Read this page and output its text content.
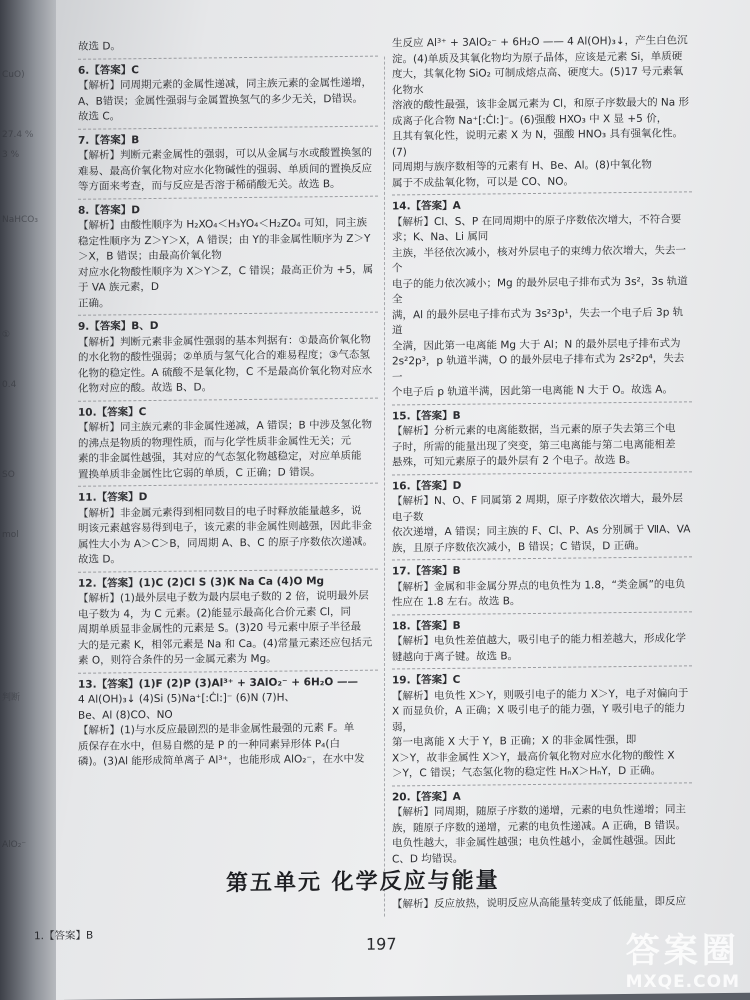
CuO)
3 %
27.4 %
NaHCO₃
①
0.4
SO
mol
判断
AlO₂⁻

故选 D。

6.【答案】C

【解析】同周期元素的金属性递减，同主族元素的金属性递增，

A、B错误；金属性强弱与金属置换氢气的多少无关，D错误。

故选 C。

7.【答案】B

【解析】判断元素金属性的强弱，可以从金属与水或酸置换氢的

难易、最高价氧化物对应水化物碱性的强弱、单质间的置换反应

等方面来考查，而与反应是否溶于稀硝酸无关。故选 B。

8.【答案】D

【解析】由酸性顺序为 H₂XO₄＜H₃YO₄＜H₂ZO₄ 可知，同主族

稳定性顺序为 Z＞Y＞X，A 错误；由 Y的非金属性顺序为 Z＞Y＞X，B 错误；由最高价氧化物

对应水化物酸性顺序为 X＞Y＞Z，C 错误；最高正价为 +5，属于 VA 族元素，D

正确。

9.【答案】B、D

【解析】判断元素非金属性强弱的基本判据有：①最高价氧化物

的水化物的酸性强弱；②单质与氢气化合的难易程度；③气态氢

化物的稳定性。A 硫酸不是氧化物，C 不是最高价氧化物对应水

化物对应的酸。故选 B、D。

10.【答案】C

【解析】同主族元素的非金属性递减，A 错误；B 中涉及氢化物

的沸点是物质的物理性质，而与化学性质非金属性无关；元

素的非金属性越强，其对应的气态氢化物越稳定，对应单质能

置换单质非金属性比它弱的单质，C 正确；D 错误。

11.【答案】D

【解析】非金属元素得到相同数目的电子时释放能量越多，说

明该元素越容易得到电子，该元素的非金属性则越强，因此非金

属性大小为 A＞C＞B，同周期 A、B、C 的原子序数依次递减。

故选 D。

12.【答案】(1)C (2)Cl S (3)K Na Ca (4)O Mg

【解析】(1)最外层电子数为最内层电子数的 2 倍，说明最外层

电子数为 4，为 C 元素。(2)能显示最高化合价元素 Cl，同

周期单质显非金属性的元素是 S。(3)20 号元素中原子半径最

大的是元素 K，相邻元素是 Na 和 Ca。(4)常量元素还应包括元

素 O，则符合条件的另一金属元素为 Mg。

13.【答案】(1)F (2)P (3)Al³⁺ + 3AlO₂⁻ + 6H₂O ——

4 Al(OH)₃↓ (4)Si (5)Na⁺[:Ċl:]⁻ (6)N (7)H、

Be、Al (8)CO、NO

【解析】(1)与水反应最剧烈的是非金属性最强的元素 F。单

质保存在水中，但易自燃的是 P 的一种同素异形体 P₄(白

磷)。(3)Al 能形成简单离子 Al³⁺，也能形成 AlO₂⁻，在水中发

生反应 Al³⁺ + 3AlO₂⁻ + 6H₂O —— 4 Al(OH)₃↓，产生白色沉

淀。(4)单质及其氧化物均为原子晶体，应该是元素 Si，单质硬

度大，其氧化物 SiO₂ 可制成熔点高、硬度大。(5)17 号元素氧化物水

溶液的酸性最强，该非金属元素为 Cl，和原子序数最大的 Na 形

成离子化合物 Na⁺[:Ċl:]⁻。(6)强酸 HXO₃ 中 X 显 +5 价，

且其有氧化性，说明元素 X 为 N，强酸 HNO₃ 具有强氧化性。(7)

同周期与族序数相等的元素有 H、Be、Al。(8)中氧化物

属于不成盐氧化物，可以是 CO、NO。

14.【答案】A

【解析】Cl、S、P 在同周期中的原子序数依次增大，不符合要求；K、Na、Li 属同

主族，半径依次减小，核对外层电子的束缚力依次增大，失去一个

电子的能力依次减小；Mg 的最外层电子排布式为 3s²，3s 轨道全

满，Al 的最外层电子排布式为 3s²3p¹，失去一个电子后 3p 轨道

全满，因此第一电离能 Mg 大于 Al；N 的最外层电子排布式为

2s²2p³，p 轨道半满，O 的最外层电子排布式为 2s²2p⁴，失去一

个电子后 p 轨道半满，因此第一电离能 N 大于 O。故选 A。

15.【答案】B

【解析】分析元素的电离能数据，当元素的原子失去第三个电

子时，所需的能量出现了突变，第三电离能与第二电离能相差

悬殊，可知元素原子的最外层有 2 个电子。故选 B。

16.【答案】D

【解析】N、O、F 同属第 2 周期，原子序数依次增大，最外层电子数

依次递增，A 错误；同主族的 F、Cl、P、As 分别属于 ⅦA、VA

族，且原子序数依次减小，B 错误；C 错误，D 正确。

17.【答案】B

【解析】金属和非金属分界点的电负性为 1.8，“类金属”的电负

性应在 1.8 左右。故选 B。

18.【答案】B

【解析】电负性差值越大，吸引电子的能力相差越大，形成化学

键越向于离子键。故选 B。

19.【答案】C

【解析】电负性 X＞Y，则吸引电子的能力 X＞Y，电子对偏向于

X 而显负价，A 正确；X 吸引电子的能力强，Y 吸引电子的能力弱，

第一电离能 X 大于 Y，B 正确；X 的非金属性强，即

X＞Y，故非金属性 X＞Y，最高价氧化物对应水化物的酸性 X

＞Y，C 错误；气态氢化物的稳定性 HₙX＞HₙY，D 正确。

20.【答案】A

【解析】同周期，随原子序数的递增，元素的电负性递增；同主

族，随原子序数的递增，元素的电负性递减。A 正确，B 错误。

电负性越大，非金属性越强；电负性越小，金属性越强。因此

C、D 均错误。

第五单元 化学反应与能量
1.【答案】B
【解析】反应放热，说明反应从高能量转变成了低能量，即反应
197	答案圈
MXQE.COM
